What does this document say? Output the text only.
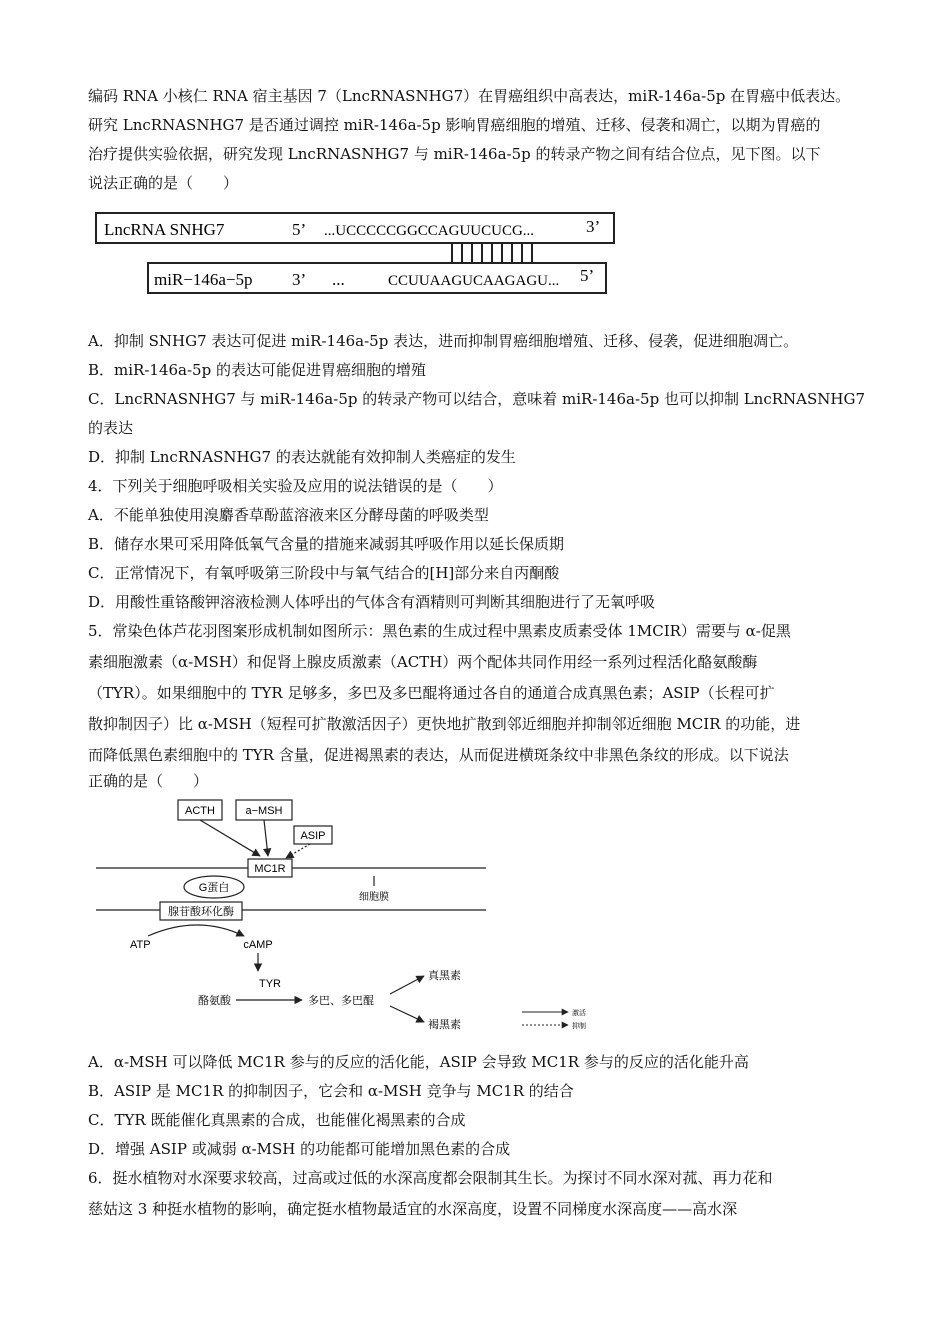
编码 RNA 小核仁 RNA 宿主基因 7（LncRNASNHG7）在胃癌组织中高表达，miR-146a-5p 在胃癌中低表达。
研究 LncRNASNHG7 是否通过调控 miR-146a-5p 影响胃癌细胞的增殖、迁移、侵袭和凋亡，以期为胃癌的
治疗提供实验依据，研究发现 LncRNASNHG7 与 miR-146a-5p 的转录产物之间有结合位点，见下图。以下
说法正确的是（　　）
LncRNA SNHG7	5’ ...UCCCCCGGCCAGUUCUCG...	3’
miR−146a−5p 3’ ...	CCUUAAGUCAAGAGU... 5’
A．抑制 SNHG7 表达可促进 miR-146a-5p 表达，进而抑制胃癌细胞增殖、迁移、侵袭，促进细胞凋亡。
B．miR-146a-5p 的表达可能促进胃癌细胞的增殖
C．LncRNASNHG7 与 miR-146a-5p 的转录产物可以结合，意味着 miR-146a-5p 也可以抑制 LncRNASNHG7
的表达
D．抑制 LncRNASNHG7 的表达就能有效抑制人类癌症的发生
4．下列关于细胞呼吸相关实验及应用的说法错误的是（　　）
A．不能单独使用溴麝香草酚蓝溶液来区分酵母菌的呼吸类型
B．储存水果可采用降低氧气含量的措施来减弱其呼吸作用以延长保质期
C．正常情况下，有氧呼吸第三阶段中与氧气结合的[H]部分来自丙酮酸
D．用酸性重铬酸钾溶液检测人体呼出的气体含有酒精则可判断其细胞进行了无氧呼吸
5．常染色体芦花羽图案形成机制如图所示：黑色素的生成过程中黑素皮质素受体 1MCIR）需要与 α-促黑
素细胞激素（α-MSH）和促肾上腺皮质激素（ACTH）两个配体共同作用经一系列过程活化酪氨酸酶
（TYR）。如果细胞中的 TYR 足够多，多巴及多巴醌将通过各自的通道合成真黑色素；ASIP（长程可扩
散抑制因子）比 α-MSH（短程可扩散激活因子）更快地扩散到邻近细胞并抑制邻近细胞 MCIR 的功能，进
而降低黑色素细胞中的 TYR 含量，促进褐黑素的表达，从而促进横斑条纹中非黑色条纹的形成。以下说法
正确的是（　　）
ACTH	a−MSH
ASIP
MC1R
G蛋白
细胞膜
腺苷酸环化酶
ATP	cAMP
TYR
酪氨酸	多巴、多巴醌
真黑素
褐黑素
激活
抑制
A．α-MSH 可以降低 MC1R 参与的反应的活化能，ASIP 会导致 MC1R 参与的反应的活化能升高
B．ASIP 是 MC1R 的抑制因子，它会和 α-MSH 竞争与 MC1R 的结合
C．TYR 既能催化真黑素的合成，也能催化褐黑素的合成
D．增强 ASIP 或减弱 α-MSH 的功能都可能增加黑色素的合成
6．挺水植物对水深要求较高，过高或过低的水深高度都会限制其生长。为探讨不同水深对菰、再力花和
慈姑这 3 种挺水植物的影响，确定挺水植物最适宜的水深高度，设置不同梯度水深高度——高水深
